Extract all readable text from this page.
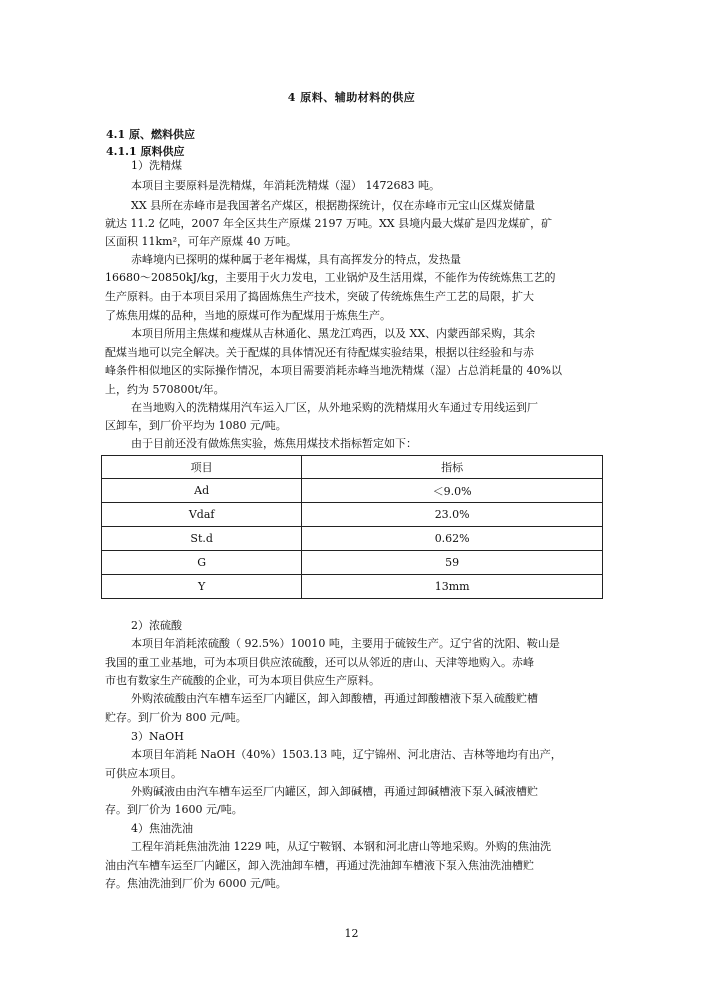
4 原料、辅助材料的供应
4.1 原、燃料供应
4.1.1 原料供应
1）洗精煤
本项目主要原料是洗精煤，年消耗洗精煤（湿） 1472683 吨。
XX 县所在赤峰市是我国著名产煤区，根据勘探统计，仅在赤峰市元宝山区煤炭储量
就达 11.2 亿吨，2007 年全区共生产原煤 2197 万吨。XX 县境内最大煤矿是四龙煤矿，矿
区面积 11km²，可年产原煤 40 万吨。
赤峰境内已探明的煤种属于老年褐煤，具有高挥发分的特点，发热量
16680～20850kJ/kg，主要用于火力发电，工业锅炉及生活用煤，不能作为传统炼焦工艺的
生产原料。由于本项目采用了捣固炼焦生产技术，突破了传统炼焦生产工艺的局限，扩大
了炼焦用煤的品种，当地的原煤可作为配煤用于炼焦生产。
本项目所用主焦煤和瘦煤从吉林通化、黑龙江鸡西，以及 XX、内蒙西部采购，其余
配煤当地可以完全解决。关于配煤的具体情况还有待配煤实验结果，根据以往经验和与赤
峰条件相似地区的实际操作情况，本项目需要消耗赤峰当地洗精煤（湿）占总消耗量的 40%以
上，约为 570800t/年。
在当地购入的洗精煤用汽车运入厂区，从外地采购的洗精煤用火车通过专用线运到厂
区卸车，到厂价平均为 1080 元/吨。
由于目前还没有做炼焦实验，炼焦用煤技术指标暂定如下：
项目	指标
Ad	＜9.0%
Vdaf	23.0%
St.d	0.62%
G	59
Y	13mm
2）浓硫酸
本项目年消耗浓硫酸（ 92.5%）10010 吨，主要用于硫铵生产。辽宁省的沈阳、鞍山是
我国的重工业基地，可为本项目供应浓硫酸，还可以从邻近的唐山、天津等地购入。赤峰
市也有数家生产硫酸的企业，可为本项目供应生产原料。
外购浓硫酸由汽车槽车运至厂内罐区，卸入卸酸槽，再通过卸酸槽液下泵入硫酸贮槽
贮存。到厂价为 800 元/吨。
3）NaOH
本项目年消耗 NaOH（40%）1503.13 吨，辽宁锦州、河北唐沽、吉林等地均有出产，
可供应本项目。
外购碱液由由汽车槽车运至厂内罐区，卸入卸碱槽，再通过卸碱槽液下泵入碱液槽贮
存。到厂价为 1600 元/吨。
4）焦油洗油
工程年消耗焦油洗油 1229 吨，从辽宁鞍钢、本钢和河北唐山等地采购。外购的焦油洗
油由汽车槽车运至厂内罐区，卸入洗油卸车槽，再通过洗油卸车槽液下泵入焦油洗油槽贮
存。焦油洗油到厂价为 6000 元/吨。
12
